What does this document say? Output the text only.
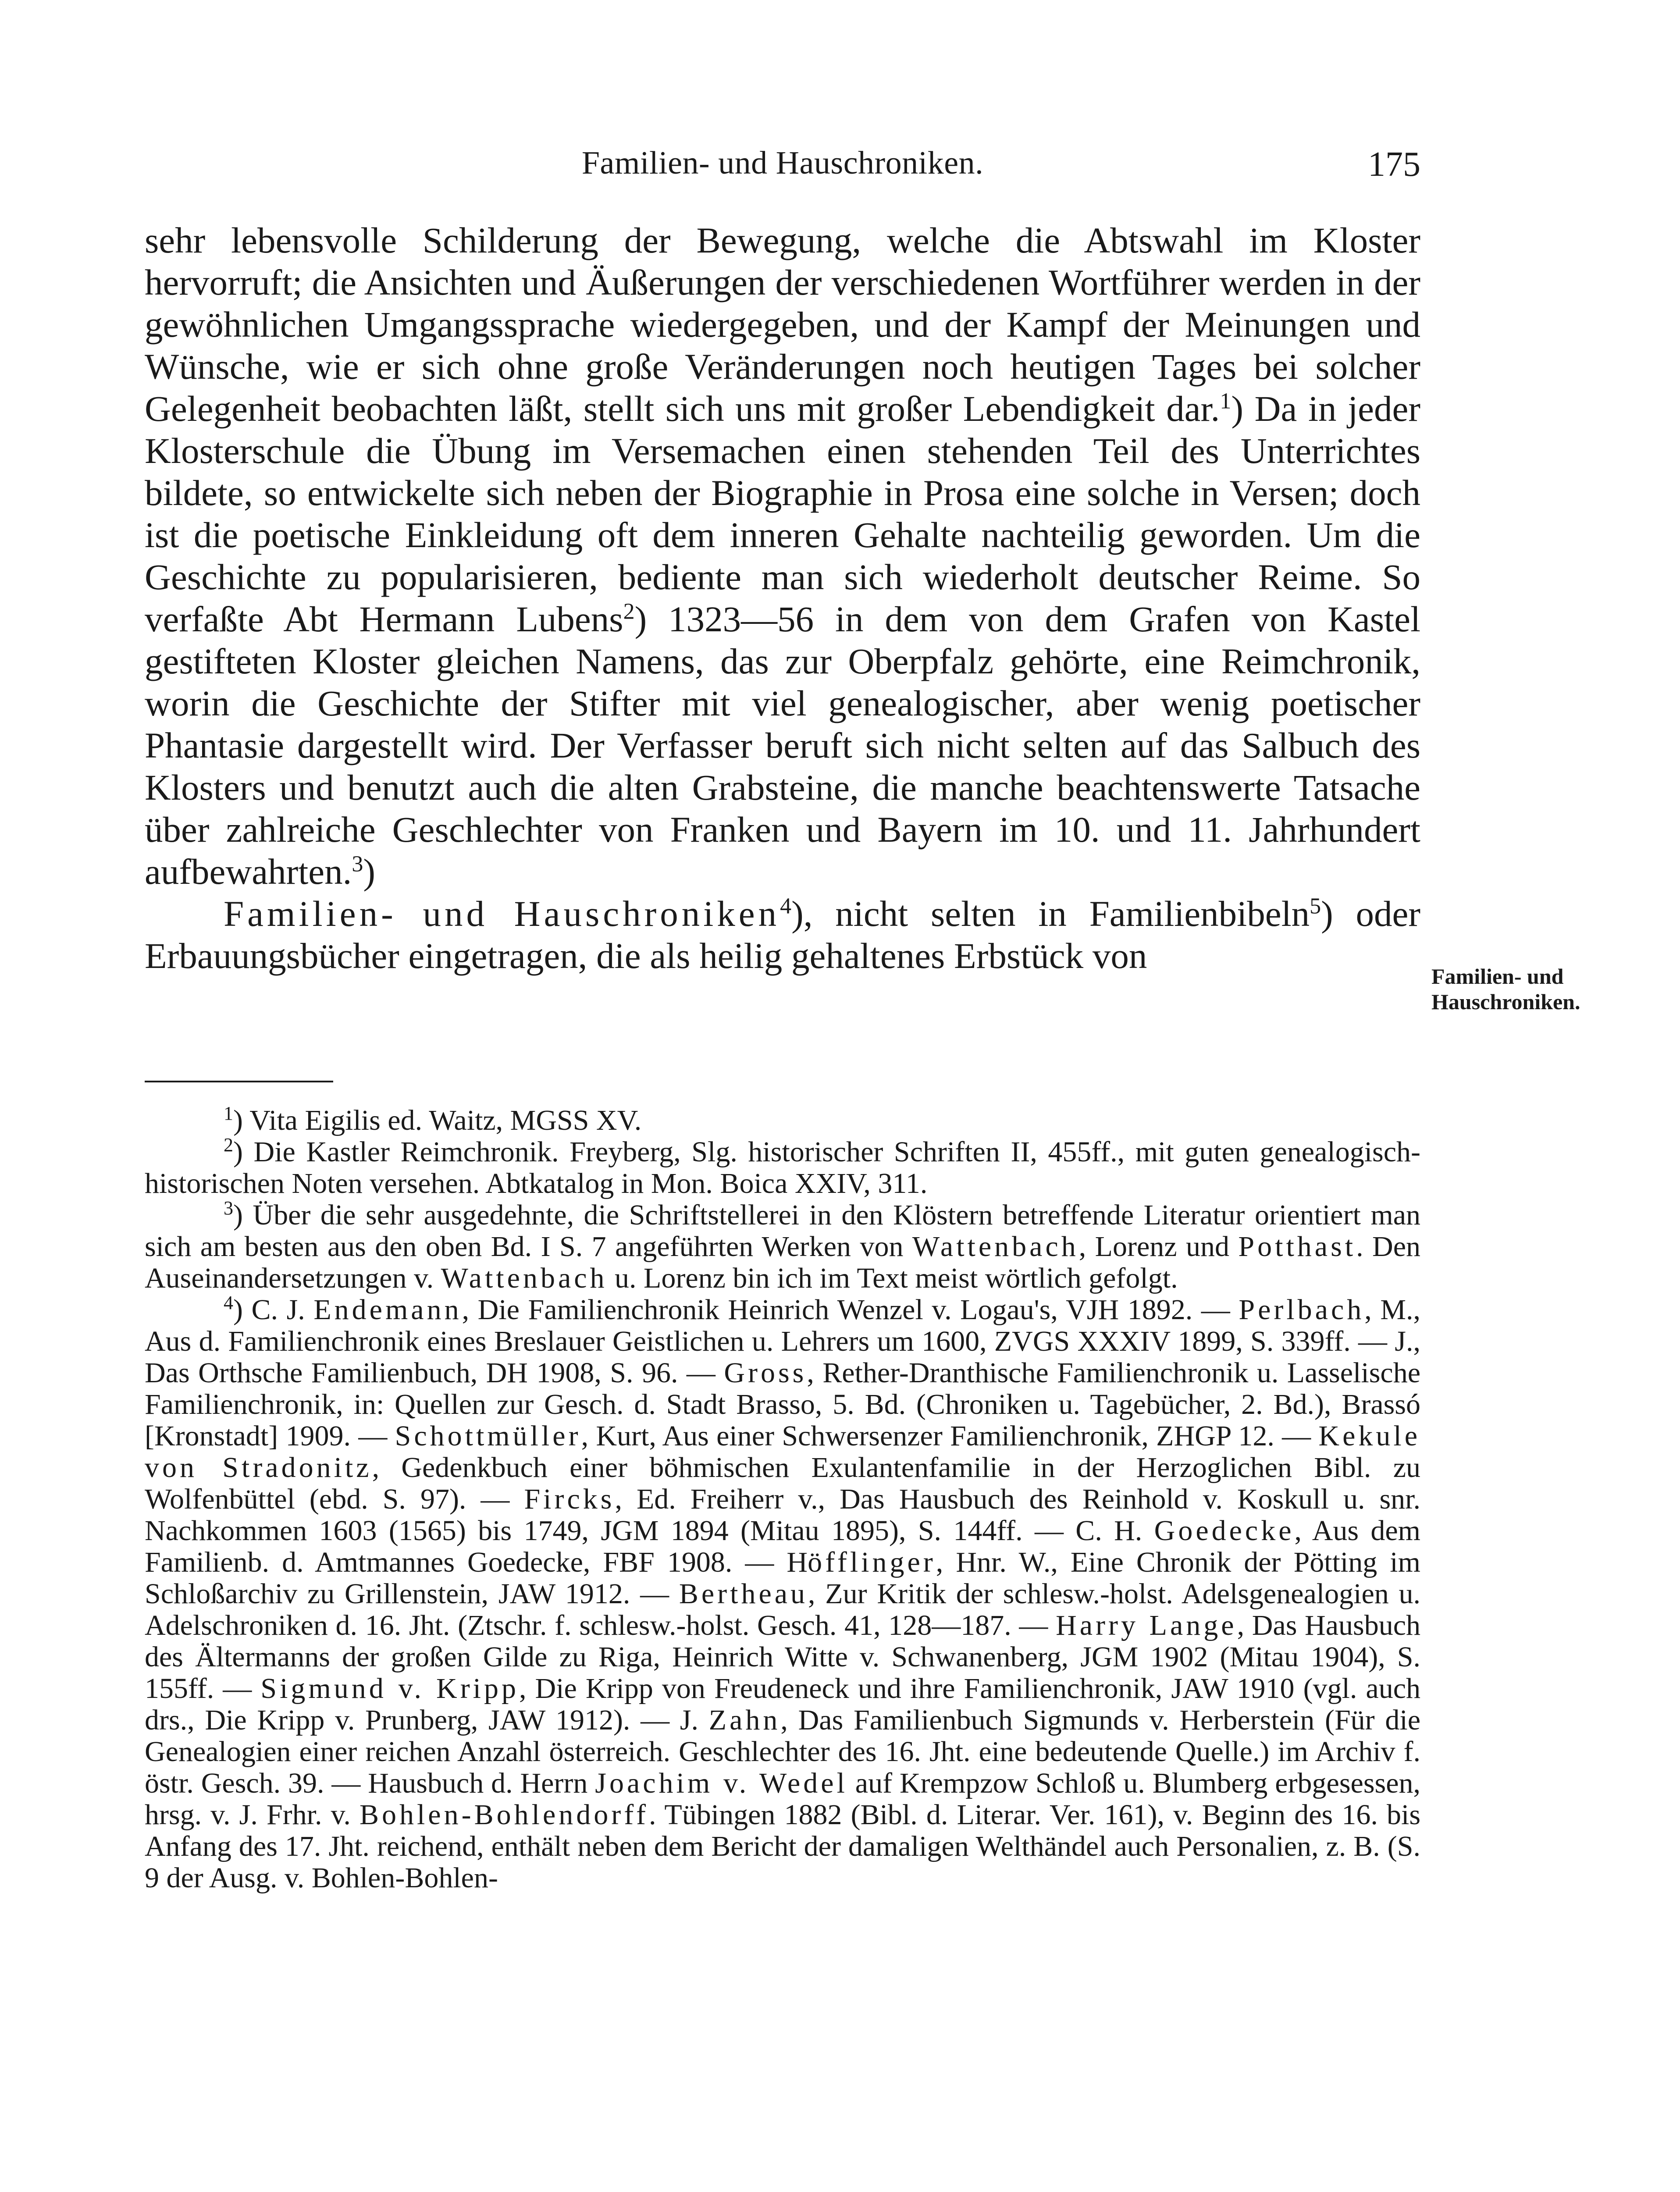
Familien- und Hauschroniken.	175

sehr lebensvolle Schilderung der Bewegung, welche die Abtswahl im Kloster hervorruft; die Ansichten und Äußerungen der verschiedenen Wortführer werden in der gewöhnlichen Umgangssprache wiedergegeben, und der Kampf der Meinungen und Wünsche, wie er sich ohne große Veränderungen noch heutigen Tages bei solcher Gelegenheit beobachten läßt, stellt sich uns mit großer Lebendigkeit dar.$^1$) Da in jeder Klosterschule die Übung im Versemachen einen stehenden Teil des Unterrichtes bildete, so entwickelte sich neben der Biographie in Prosa eine solche in Versen; doch ist die poetische Einkleidung oft dem inneren Gehalte nachteilig geworden. Um die Geschichte zu popularisieren, bediente man sich wiederholt deutscher Reime. So verfaßte Abt Hermann Lubens$^2$) 1323—56 in dem von dem Grafen von Kastel gestifteten Kloster gleichen Namens, das zur Oberpfalz gehörte, eine Reimchronik, worin die Geschichte der Stifter mit viel genealogischer, aber wenig poetischer Phantasie dargestellt wird. Der Verfasser beruft sich nicht selten auf das Salbuch des Klosters und benutzt auch die alten Grabsteine, die manche beachtenswerte Tatsache über zahlreiche Geschlechter von Franken und Bayern im 10. und 11. Jahrhundert aufbewahrten.$^3$)

Familien- und Hauschroniken$^4$), nicht selten in Familienbibeln$^5$) oder Erbauungsbücher eingetragen, die als heilig gehaltenes Erbstück von

Familien- und
Hauschroniken.

$^1$) Vita Eigilis ed. Waitz, MGSS XV.

$^2$) Die Kastler Reimchronik. Freyberg, Slg. historischer Schriften II, 455ff., mit guten genealogisch-historischen Noten versehen. Abtkatalog in Mon. Boica XXIV, 311.

$^3$) Über die sehr ausgedehnte, die Schriftstellerei in den Klöstern betreffende Literatur orientiert man sich am besten aus den oben Bd. I S. 7 angeführten Werken von Wattenbach, Lorenz und Potthast. Den Auseinandersetzungen v. Wattenbach u. Lorenz bin ich im Text meist wörtlich gefolgt.

$^4$) C. J. Endemann, Die Familienchronik Heinrich Wenzel v. Logau's, VJH 1892. — Perlbach, M., Aus d. Familienchronik eines Breslauer Geistlichen u. Lehrers um 1600, ZVGS XXXIV 1899, S. 339ff. — J., Das Orthsche Familienbuch, DH 1908, S. 96. — Gross, Rether-Dranthische Familienchronik u. Lasselische Familienchronik, in: Quellen zur Gesch. d. Stadt Brasso, 5. Bd. (Chroniken u. Tagebücher, 2. Bd.), Brassó [Kronstadt] 1909. — Schottmüller, Kurt, Aus einer Schwersenzer Familienchronik, ZHGP 12. — Kekule von Stradonitz, Gedenkbuch einer böhmischen Exulantenfamilie in der Herzoglichen Bibl. zu Wolfenbüttel (ebd. S. 97). — Fircks, Ed. Freiherr v., Das Hausbuch des Reinhold v. Koskull u. snr. Nachkommen 1603 (1565) bis 1749, JGM 1894 (Mitau 1895), S. 144ff. — C. H. Goedecke, Aus dem Familienb. d. Amtmannes Goedecke, FBF 1908. — Höfflinger, Hnr. W., Eine Chronik der Pötting im Schloßarchiv zu Grillenstein, JAW 1912. — Bertheau, Zur Kritik der schlesw.-holst. Adelsgenealogien u. Adelschroniken d. 16. Jht. (Ztschr. f. schlesw.-holst. Gesch. 41, 128—187. — Harry Lange, Das Hausbuch des Ältermanns der großen Gilde zu Riga, Heinrich Witte v. Schwanenberg, JGM 1902 (Mitau 1904), S. 155ff. — Sigmund v. Kripp, Die Kripp von Freudeneck und ihre Familienchronik, JAW 1910 (vgl. auch drs., Die Kripp v. Prunberg, JAW 1912). — J. Zahn, Das Familienbuch Sigmunds v. Herberstein (Für die Genealogien einer reichen Anzahl österreich. Geschlechter des 16. Jht. eine bedeutende Quelle.) im Archiv f. östr. Gesch. 39. — Hausbuch d. Herrn Joachim v. Wedel auf Krempzow Schloß u. Blumberg erbgesessen, hrsg. v. J. Frhr. v. Bohlen-Bohlendorff. Tübingen 1882 (Bibl. d. Literar. Ver. 161), v. Beginn des 16. bis Anfang des 17. Jht. reichend, enthält neben dem Bericht der damaligen Welthändel auch Personalien, z. B. (S. 9 der Ausg. v. Bohlen-Bohlen-
